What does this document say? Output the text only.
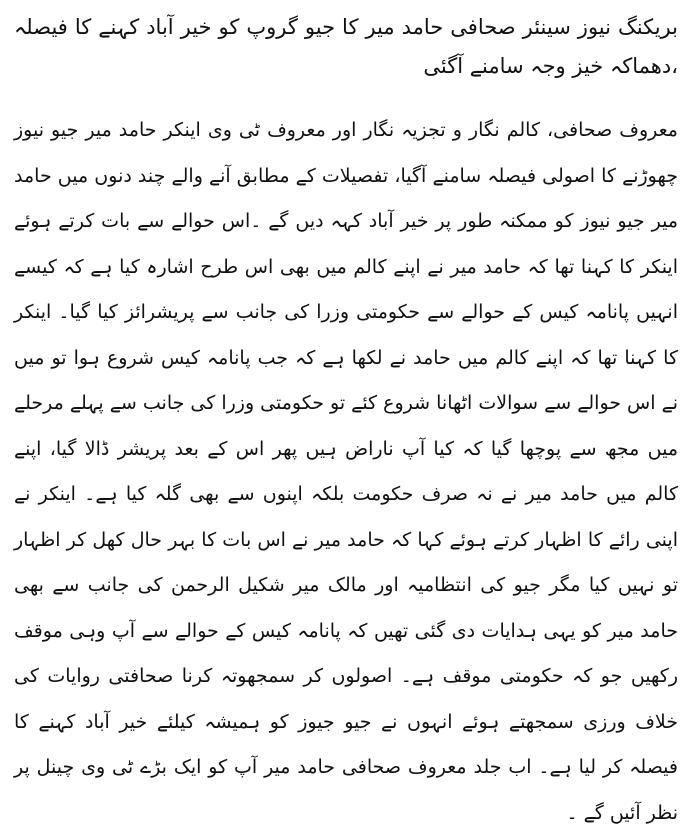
بریکنگ نیوز سینئر صحافی حامد میر کا جیو گروپ کو خیر آباد کہنے کا فیصلہ ،دھماکہ خیز وجہ سامنے آگئی

معروف صحافی، کالم نگار و تجزیہ نگار اور معروف ٹی وی اینکر حامد میر جیو نیوز چھوڑنے کا اصولی فیصلہ سامنے آگیا، تفصیلات کے مطابق آنے والے چند دنوں میں حامد میر جیو نیوز کو ممکنہ طور پر خیر آباد کہہ دیں گے ۔اس حوالے سے بات کرتے ہوئے اینکر کا کہنا تھا کہ حامد میر نے اپنے کالم میں بھی اس طرح اشارہ کیا ہے کہ کیسے انہیں پانامہ کیس کے حوالے سے حکومتی وزرا کی جانب سے پریشرائز کیا گیا۔ اینکر کا کہنا تھا کہ اپنے کالم میں حامد نے لکھا ہے کہ جب پانامہ کیس شروع ہوا تو میں نے اس حوالے سے سوالات اٹھانا شروع کئے تو حکومتی وزرا کی جانب سے پہلے مرحلے میں مجھ سے پوچھا گیا کہ کیا آپ ناراض ہیں پھر اس کے بعد پریشر ڈالا گیا، اپنے کالم میں حامد میر نے نہ صرف حکومت بلکہ اپنوں سے بھی گلہ کیا ہے۔ اینکر نے اپنی رائے کا اظہار کرتے ہوئے کہا کہ حامد میر نے اس بات کا بہر حال کھل کر اظہار تو نہیں کیا مگر جیو کی انتظامیہ اور مالک میر شکیل الرحمن کی جانب سے بھی حامد میر کو یہی ہدایات دی گئی تھیں کہ پانامہ کیس کے حوالے سے آپ وہی موقف رکھیں جو کہ حکومتی موقف ہے۔ اصولوں کر سمجھوتہ کرنا صحافتی روایات کی خلاف ورزی سمجھتے ہوئے انہوں نے جیو جیوز کو ہمیشہ کیلئے خیر آباد کہنے کا فیصلہ کر لیا ہے۔ اب جلد معروف صحافی حامد میر آپ کو ایک بڑے ٹی وی چینل پر نظر آئیں گے ۔
